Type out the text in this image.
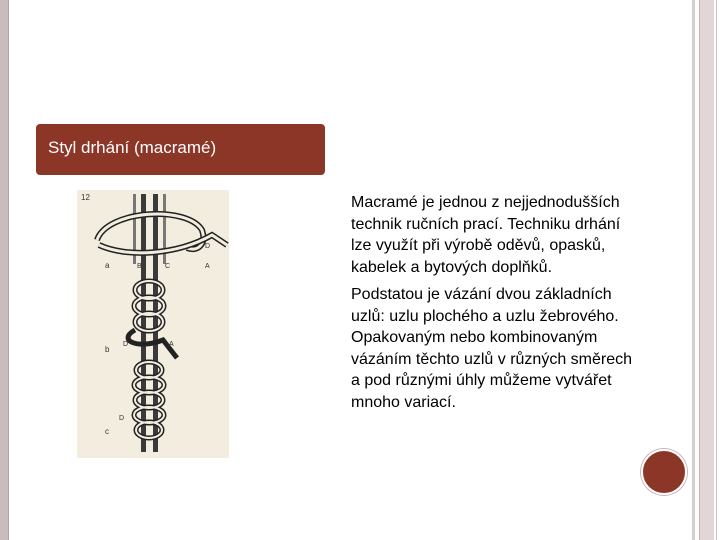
Styl drhání (macramé)
12
a	B	C	A
D
b
D	A
c
D

Macramé je jednou z nejjednodušších technik ručních prací. Techniku drhání lze využít při výrobě oděvů, opasků, kabelek a bytových doplňků.

Podstatou je vázání dvou základních uzlů: uzlu plochého a uzlu žebrového. Opakovaným nebo kombinovaným vázáním těchto uzlů v různých směrech a pod různými úhly můžeme vytvářet mnoho variací.
